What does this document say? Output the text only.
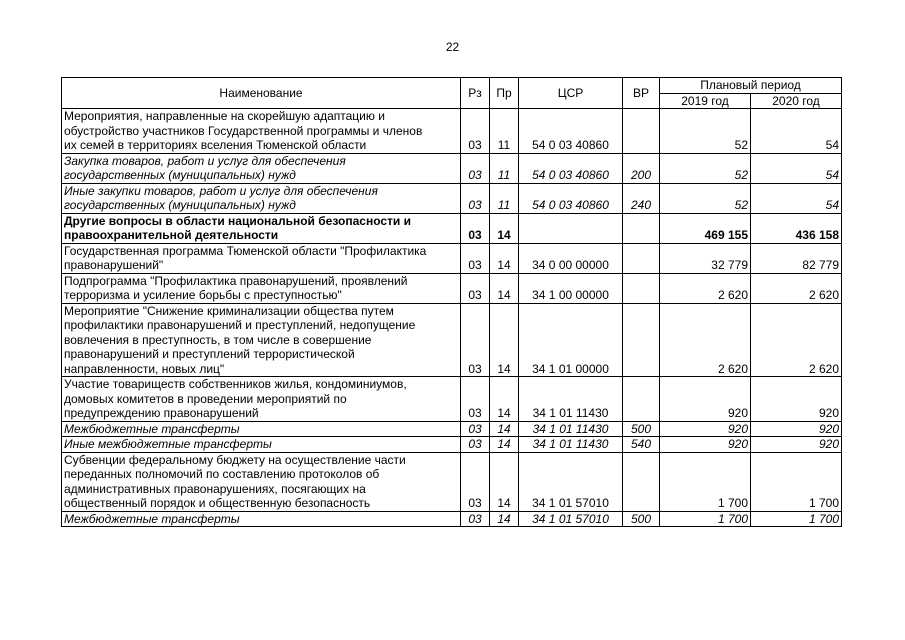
22
Наименование	Рз	Пр	ЦСР	ВР	Плановый период	
					2019 год	2020 год
Мероприятия, направленные на скорейшую адаптацию и
обустройство участников Государственной программы и членов
их семей в территориях вселения Тюменской области	03	11	54 0 03 40860		52	54
Закупка товаров, работ и услуг для обеспечения
государственных (муниципальных) нужд	03	11	54 0 03 40860	200	52	54
Иные закупки товаров, работ и услуг для обеспечения
государственных (муниципальных) нужд	03	11	54 0 03 40860	240	52	54
Другие вопросы в области национальной безопасности и
правоохранительной деятельности	03	14			469 155	436 158
Государственная программа Тюменской области "Профилактика
правонарушений"	03	14	34 0 00 00000		32 779	82 779
Подпрограмма "Профилактика правонарушений, проявлений
терроризма и усиление борьбы с преступностью"	03	14	34 1 00 00000		2 620	2 620
Мероприятие "Снижение криминализации общества путем
профилактики правонарушений и преступлений, недопущение
вовлечения в преступность, в том числе в совершение
правонарушений и преступлений террористической
направленности, новых лиц"	03	14	34 1 01 00000		2 620	2 620
Участие товариществ собственников жилья, кондоминиумов,
домовых комитетов в проведении мероприятий по
предупреждению правонарушений	03	14	34 1 01 11430		920	920
Межбюджетные трансферты	03	14	34 1 01 11430	500	920	920
Иные межбюджетные трансферты	03	14	34 1 01 11430	540	920	920
Субвенции федеральному бюджету на осуществление части
переданных полномочий по составлению протоколов об
административных правонарушениях, посягающих на
общественный порядок и общественную безопасность	03	14	34 1 01 57010		1 700	1 700
Межбюджетные трансферты	03	14	34 1 01 57010	500	1 700	1 700
